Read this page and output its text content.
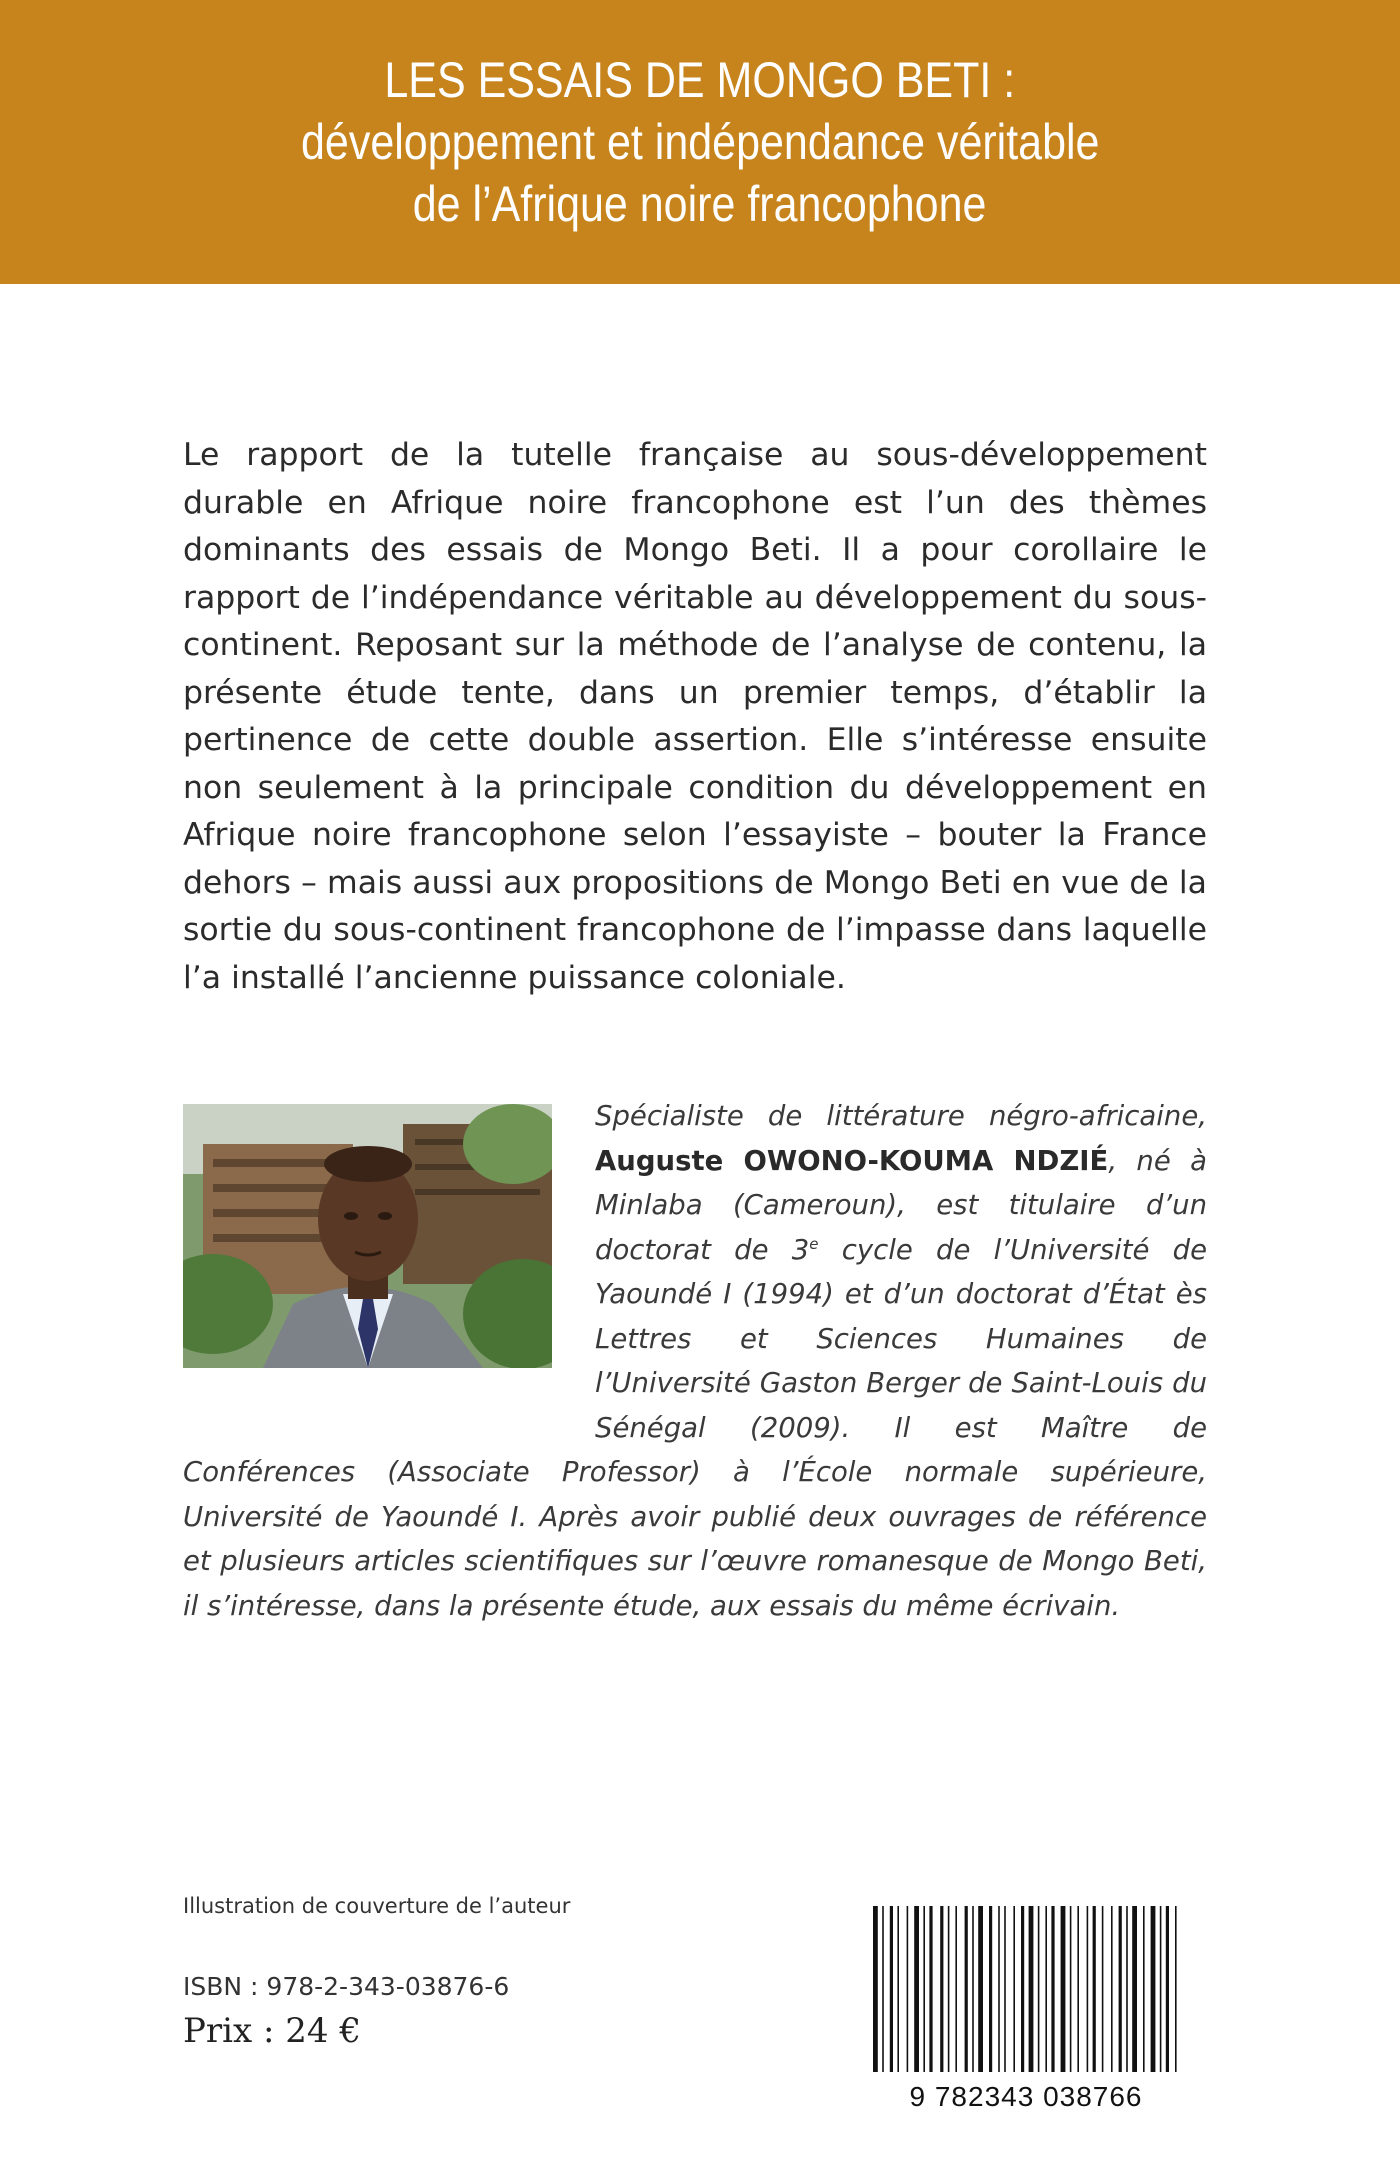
LES ESSAIS DE MONGO BETI :
développement et indépendance véritable
de l’Afrique noire francophone
Le rapport de la tutelle française au sous-développement durable en Afrique noire francophone est l’un des thèmes dominants des essais de Mongo Beti. Il a pour corollaire le rapport de l’indépendance véritable au développement du sous-continent. Reposant sur la méthode de l’analyse de contenu, la présente étude tente, dans un premier temps, d’établir la pertinence de cette double assertion. Elle s’intéresse ensuite non seulement à la principale condition du développement en Afrique noire francophone selon l’essayiste – bouter la France dehors – mais aussi aux propositions de Mongo Beti en vue de la sortie du sous-continent francophone de l’impasse dans laquelle l’a installé l’ancienne puissance coloniale.

Spécialiste de littérature négro-africaine, Auguste OWONO-KOUMA NDZIÉ, né à Minlaba (Cameroun), est titulaire d’un doctorat de 3e cycle de l’Université de Yaoundé I (1994) et d’un doctorat d’État ès Lettres et Sciences Humaines de l’Université Gaston Berger de Saint-Louis du Sénégal (2009). Il est Maître de Conférences (Associate Professor) à l’École normale supérieure, Université de Yaoundé I. Après avoir publié deux ouvrages de référence et plusieurs articles scientifiques sur l’œuvre romanesque de Mongo Beti, il s’intéresse, dans la présente étude, aux essais du même écrivain.

Illustration de couverture de l’auteur
ISBN : 978-2-343-03876-6
Prix : 24 €
9 782343 038766
